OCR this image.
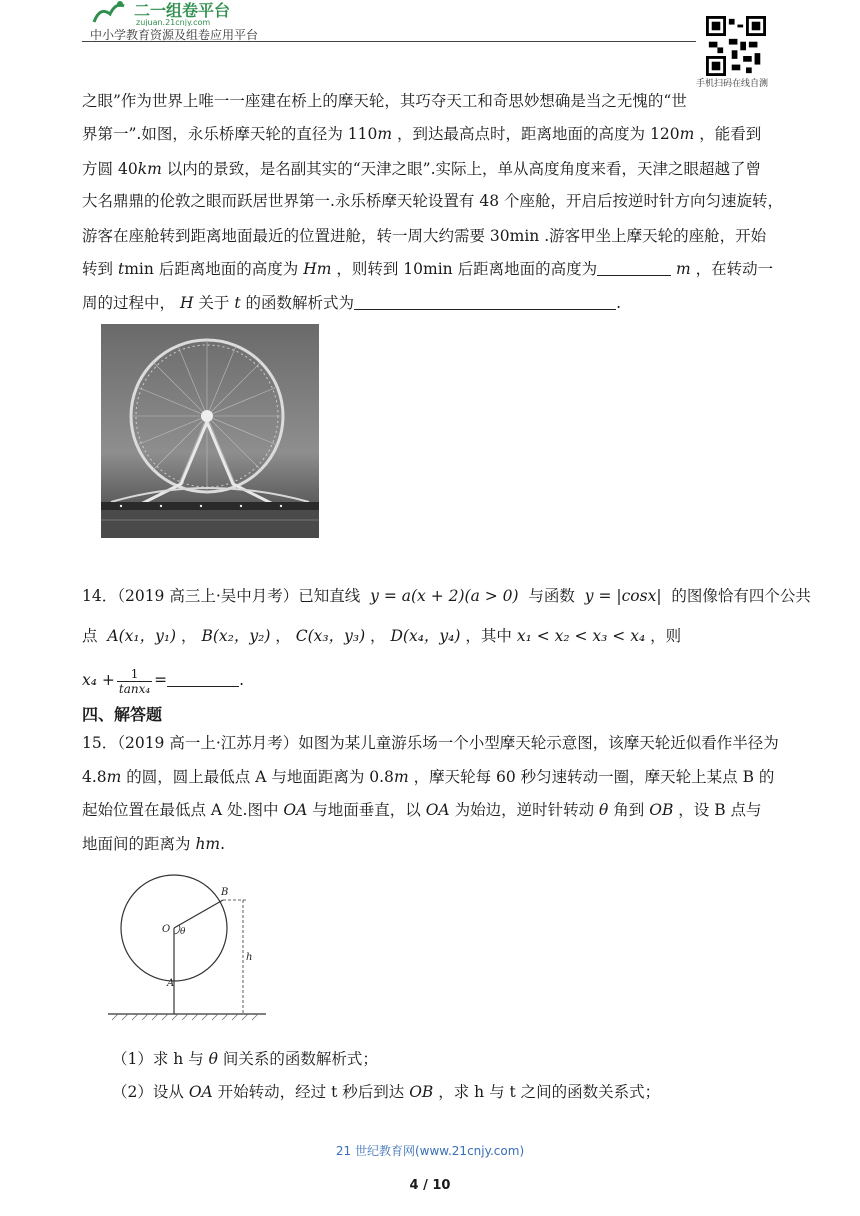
二一组卷平台
zujuan.21cnjy.com
中小学教育资源及组卷应用平台
手机扫码在线自测
之眼”作为世界上唯一一座建在桥上的摩天轮，其巧夺天工和奇思妙想确是当之无愧的“世
界第一”.如图，永乐桥摩天轮的直径为 110m ，到达最高点时，距离地面的高度为 120m ，能看到
方圆 40km 以内的景致，是名副其实的“天津之眼”.实际上，单从高度角度来看，天津之眼超越了曾
大名鼎鼎的伦敦之眼而跃居世界第一.永乐桥摩天轮设置有 48 个座舱，开启后按逆时针方向匀速旋转，
游客在座舱转到距离地面最近的位置进舱，转一周大约需要 30min .游客甲坐上摩天轮的座舱，开始
转到 tmin 后距离地面的高度为 Hm ，则转到 10min 后距离地面的高度为	m ，在转动一
周的过程中， H 关于 t 的函数解析式为	.
14．（2019 高三上·吴中月考）已知直线 y = a(x + 2)(a > 0) 与函数 y = |cosx| 的图像恰有四个公共
点 A(x₁，y₁) ， B(x₂，y₂) ， C(x₃，y₃) ， D(x₄，y₄) ，其中 x₁ < x₂ < x₃ < x₄ ，则
$x_4 + \frac{1}{\text{tanx₄}}$ =	.
四、解答题
15．（2019 高一上·江苏月考）如图为某儿童游乐场一个小型摩天轮示意图，该摩天轮近似看作半径为
4.8m 的圆，圆上最低点 A 与地面距离为 0.8m ，摩天轮每 60 秒匀速转动一圈，摩天轮上某点 B 的
起始位置在最低点 A 处.图中 OA 与地面垂直，以 OA 为始边，逆时针转动 θ 角到 OB ，设 B 点与
地面间的距离为 hm.
B
O θ
A
h
（1）求 h 与 θ 间关系的函数解析式；
（2）设从 OA 开始转动，经过 t 秒后到达 OB ，求 h 与 t 之间的函数关系式；
21 世纪教育网(www.21cnjy.com)
4 / 10
